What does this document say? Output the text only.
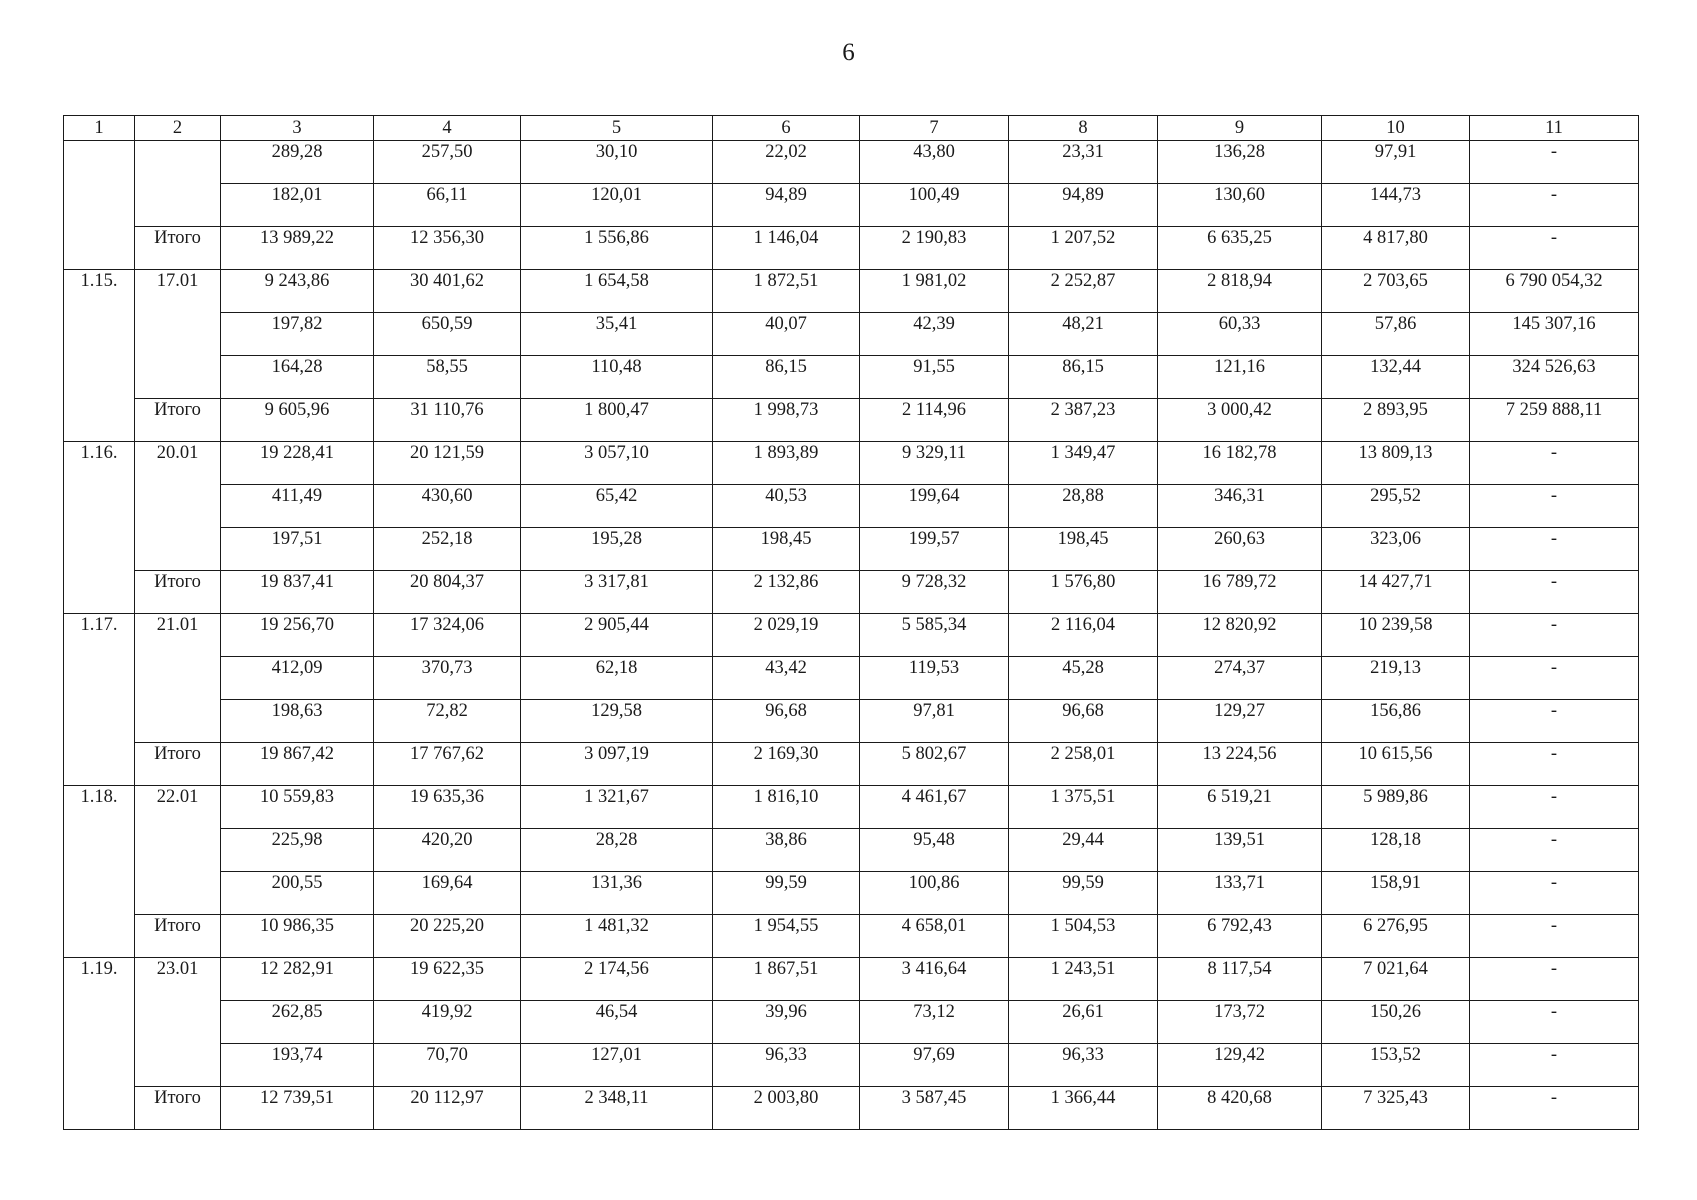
6
1	2	3	4	5	6	7	8	9	10	11
		289,28	257,50	30,10	22,02	43,80	23,31	136,28	97,91	-
		182,01	66,11	120,01	94,89	100,49	94,89	130,60	144,73	-
	Итого	13 989,22	12 356,30	1 556,86	1 146,04	2 190,83	1 207,52	6 635,25	4 817,80	-
1.15.	17.01	9 243,86	30 401,62	1 654,58	1 872,51	1 981,02	2 252,87	2 818,94	2 703,65	6 790 054,32
		197,82	650,59	35,41	40,07	42,39	48,21	60,33	57,86	145 307,16
		164,28	58,55	110,48	86,15	91,55	86,15	121,16	132,44	324 526,63
	Итого	9 605,96	31 110,76	1 800,47	1 998,73	2 114,96	2 387,23	3 000,42	2 893,95	7 259 888,11
1.16.	20.01	19 228,41	20 121,59	3 057,10	1 893,89	9 329,11	1 349,47	16 182,78	13 809,13	-
		411,49	430,60	65,42	40,53	199,64	28,88	346,31	295,52	-
		197,51	252,18	195,28	198,45	199,57	198,45	260,63	323,06	-
	Итого	19 837,41	20 804,37	3 317,81	2 132,86	9 728,32	1 576,80	16 789,72	14 427,71	-
1.17.	21.01	19 256,70	17 324,06	2 905,44	2 029,19	5 585,34	2 116,04	12 820,92	10 239,58	-
		412,09	370,73	62,18	43,42	119,53	45,28	274,37	219,13	-
		198,63	72,82	129,58	96,68	97,81	96,68	129,27	156,86	-
	Итого	19 867,42	17 767,62	3 097,19	2 169,30	5 802,67	2 258,01	13 224,56	10 615,56	-
1.18.	22.01	10 559,83	19 635,36	1 321,67	1 816,10	4 461,67	1 375,51	6 519,21	5 989,86	-
		225,98	420,20	28,28	38,86	95,48	29,44	139,51	128,18	-
		200,55	169,64	131,36	99,59	100,86	99,59	133,71	158,91	-
	Итого	10 986,35	20 225,20	1 481,32	1 954,55	4 658,01	1 504,53	6 792,43	6 276,95	-
1.19.	23.01	12 282,91	19 622,35	2 174,56	1 867,51	3 416,64	1 243,51	8 117,54	7 021,64	-
		262,85	419,92	46,54	39,96	73,12	26,61	173,72	150,26	-
		193,74	70,70	127,01	96,33	97,69	96,33	129,42	153,52	-
	Итого	12 739,51	20 112,97	2 348,11	2 003,80	3 587,45	1 366,44	8 420,68	7 325,43	-
